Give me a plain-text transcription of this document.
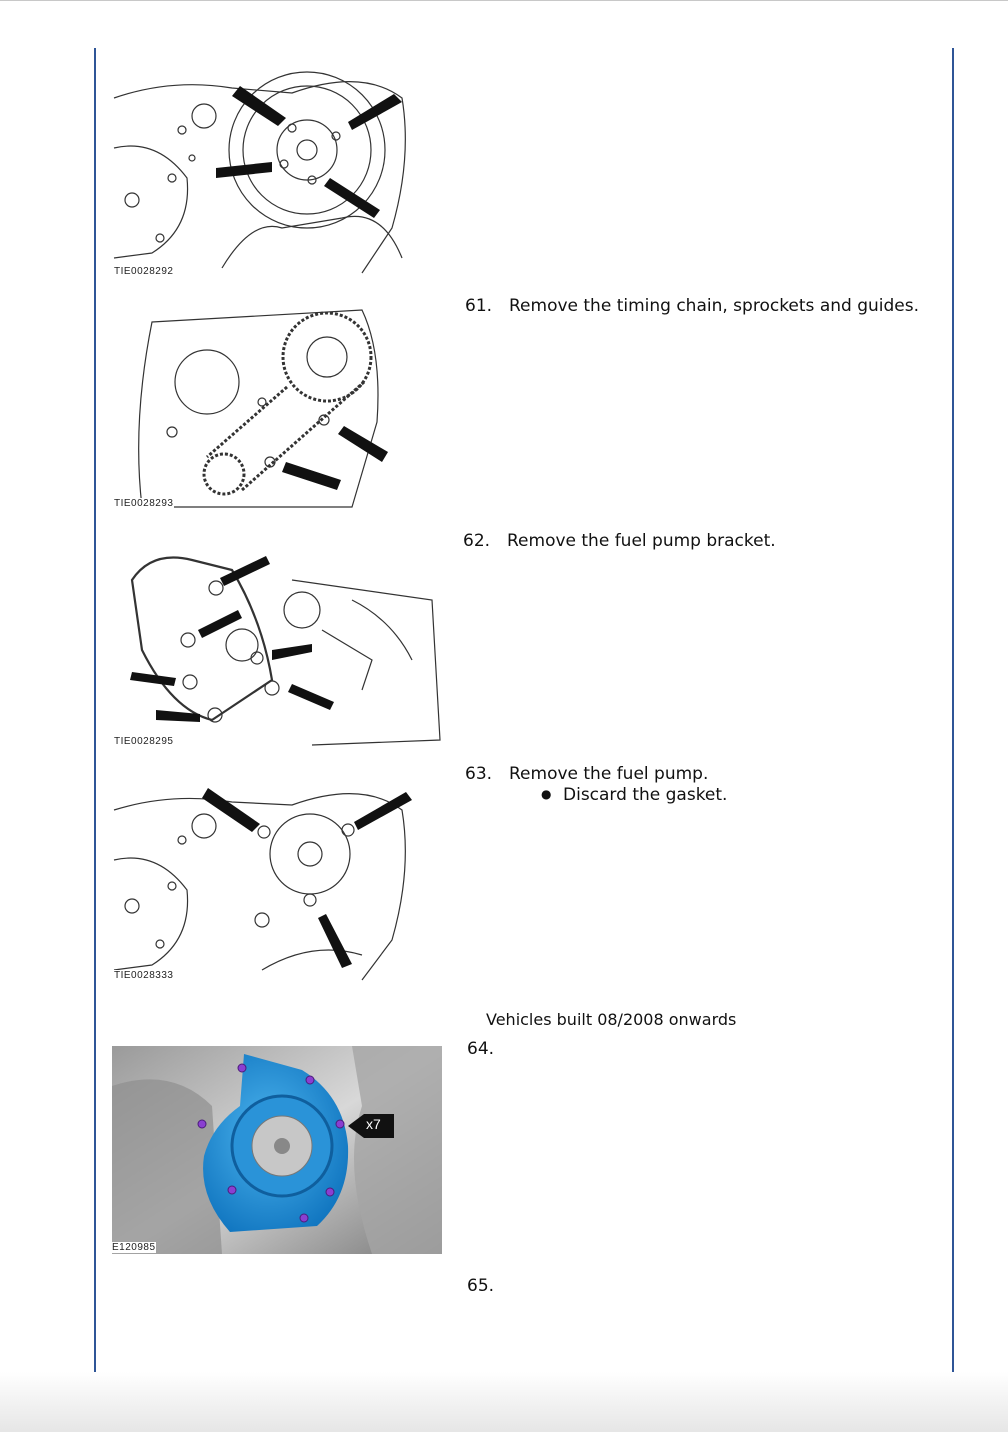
TIE0028292
TIE0028293
TIE0028295
TIE0028333
x7
E120985
61. Remove the timing chain, sprockets and guides.
62. Remove the fuel pump bracket.
63. Remove the fuel pump.
● Discard the gasket.
Vehicles built 08/2008 onwards
64.
65.
